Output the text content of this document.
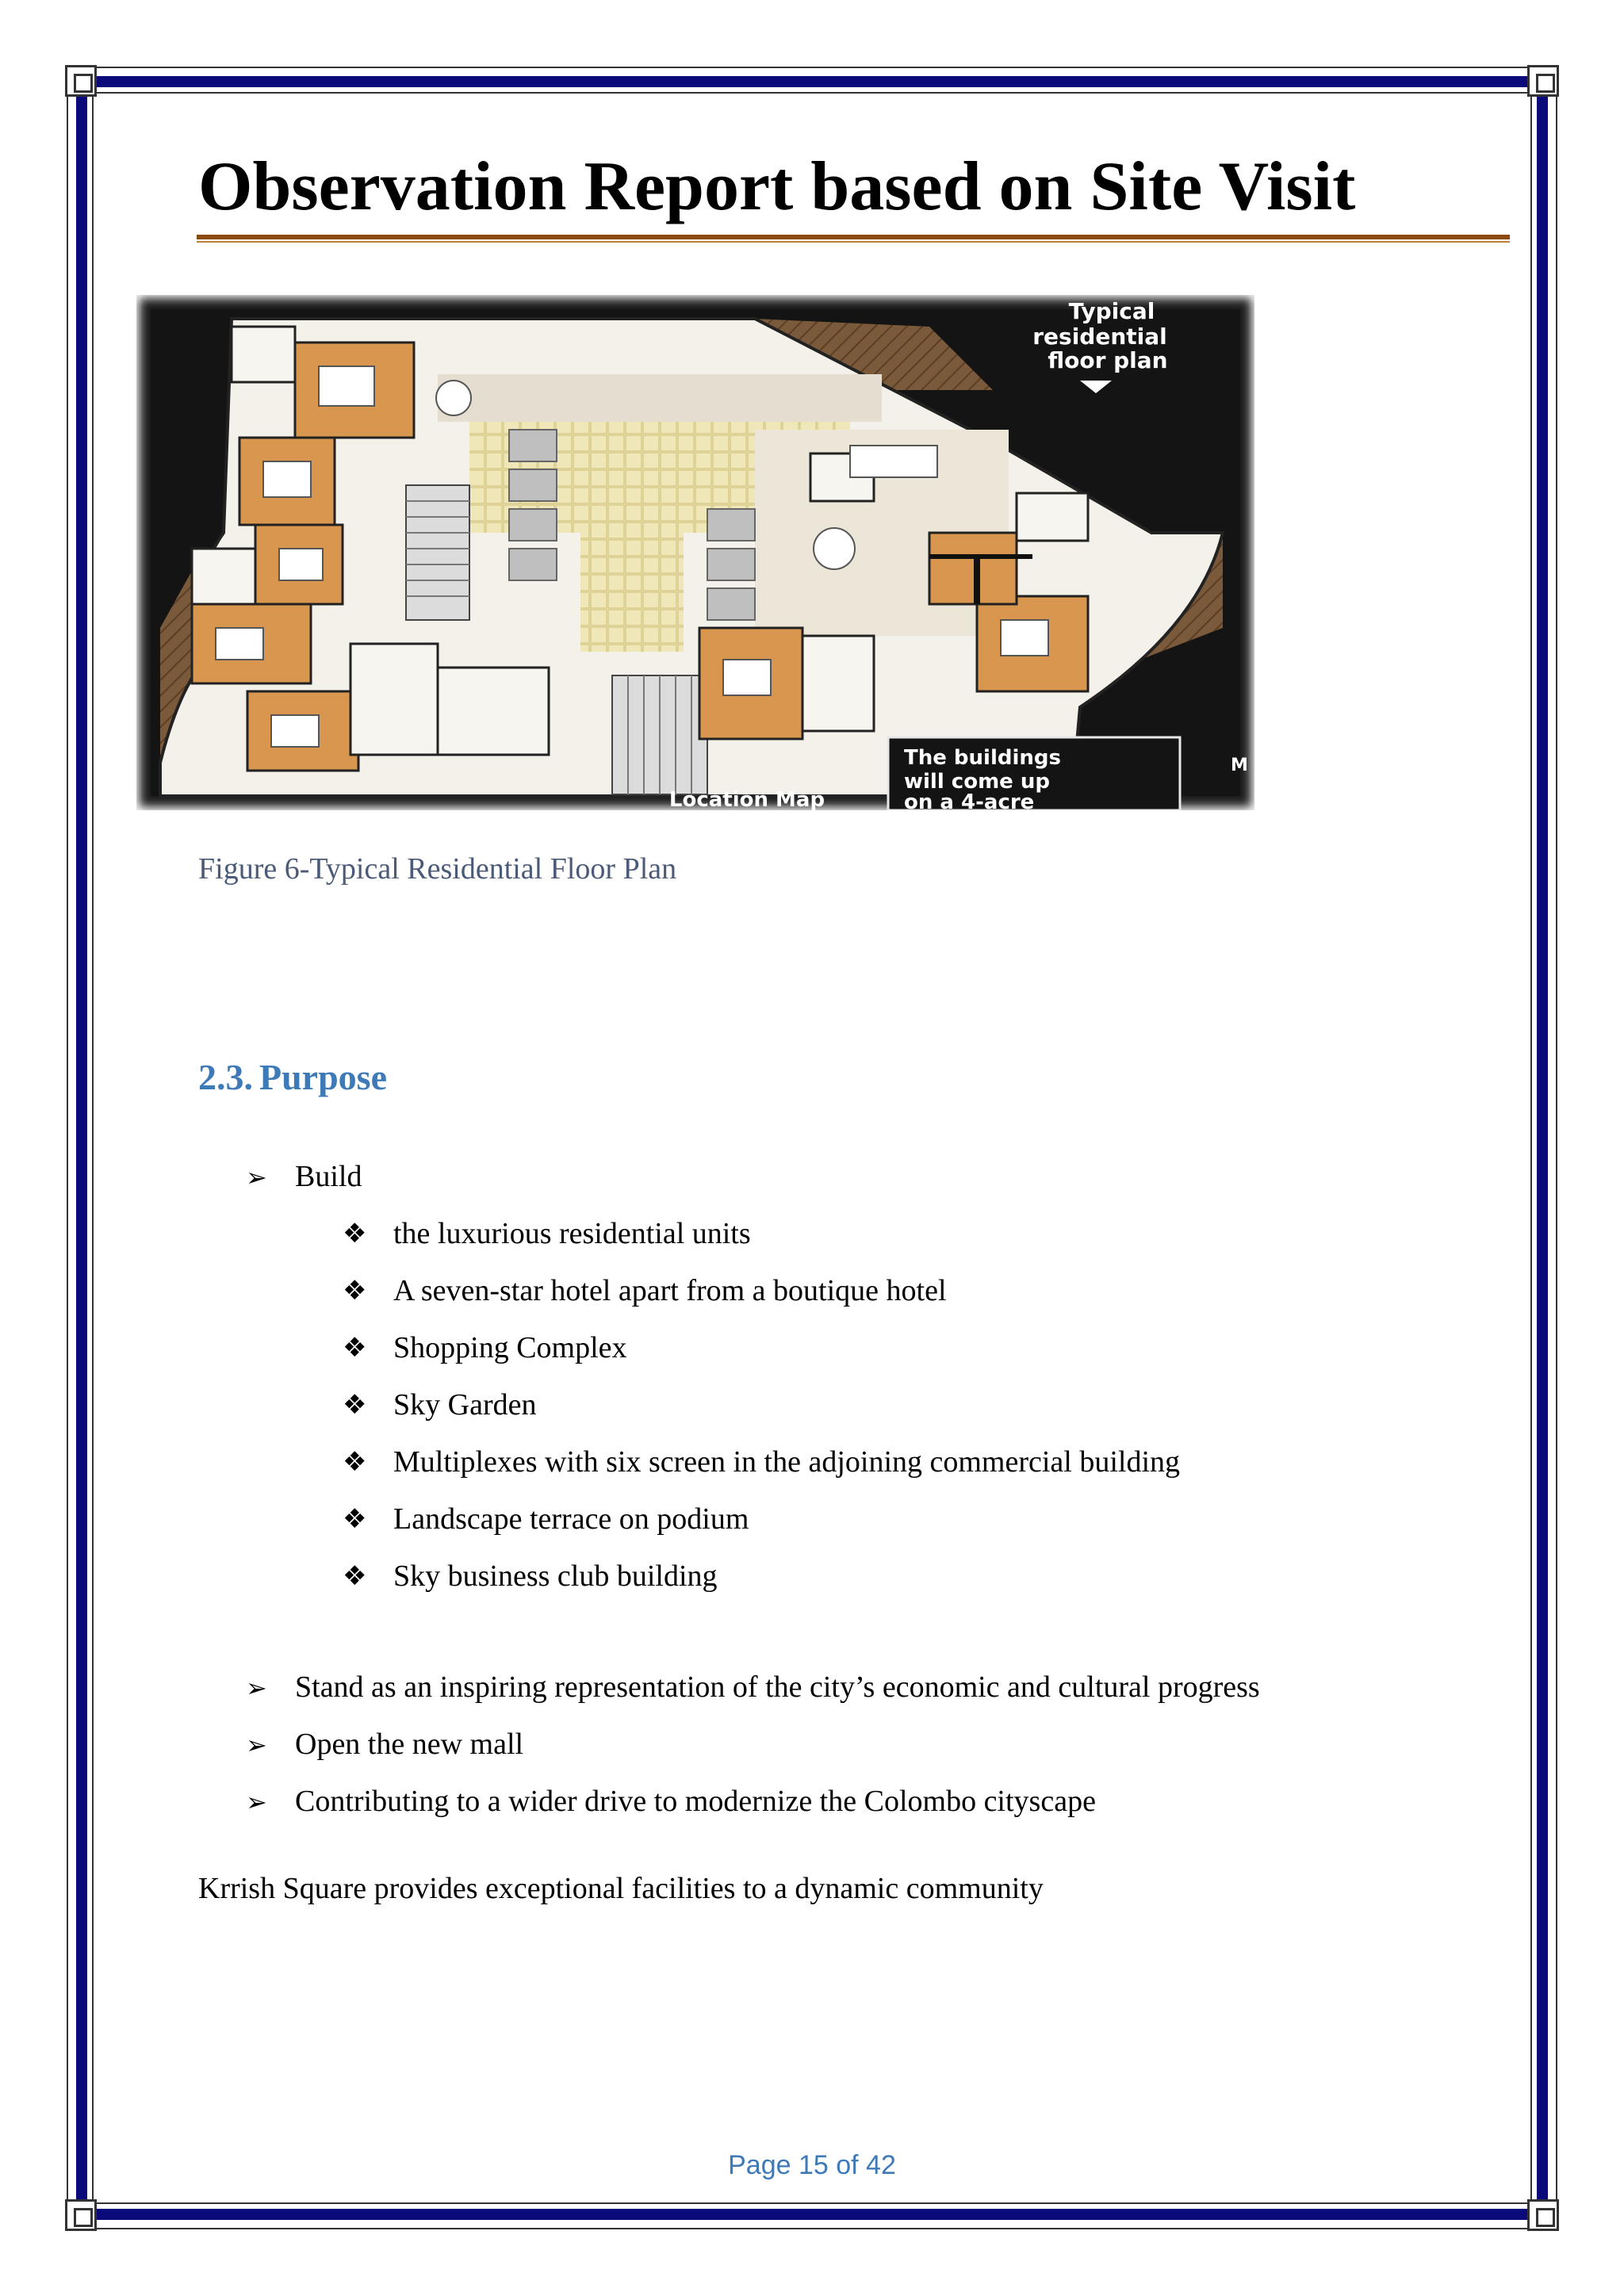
Observation Report based on Site Visit
Typical
residential
floor plan
The buildings
will come up
on a 4-acre
M
Location Map
Figure 6-Typical Residential Floor Plan
2.3. Purpose
➢ Build
❖ the luxurious residential units
❖ A seven-star hotel apart from a boutique hotel
❖ Shopping Complex
❖ Sky Garden
❖ Multiplexes with six screen in the adjoining commercial building
❖ Landscape terrace on podium
❖ Sky business club building
➢ Stand as an inspiring representation of the city’s economic and cultural progress
➢ Open the new mall
➢ Contributing to a wider drive to modernize the Colombo cityscape
Krrish Square provides exceptional facilities to a dynamic community
Page 15 of 42
